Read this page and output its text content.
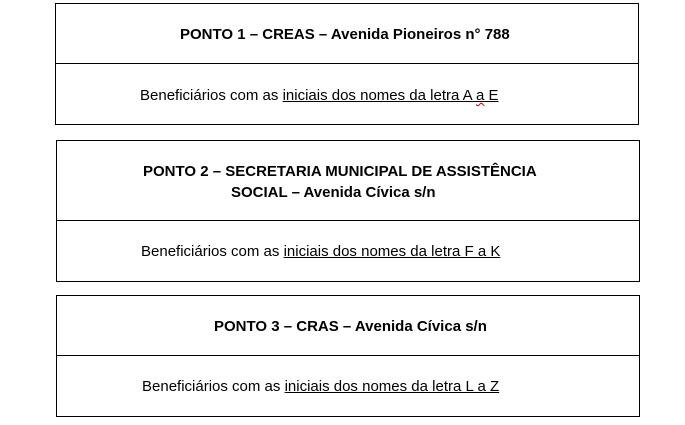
PONTO 1 – CREAS – Avenida Pioneiros n° 788
Beneficiários com as iniciais dos nomes da letra A a E
PONTO 2 – SECRETARIA MUNICIPAL DE ASSISTÊNCIA
SOCIAL – Avenida Cívica s/n
Beneficiários com as iniciais dos nomes da letra F a K
PONTO 3 – CRAS – Avenida Cívica s/n
Beneficiários com as iniciais dos nomes da letra L a Z
